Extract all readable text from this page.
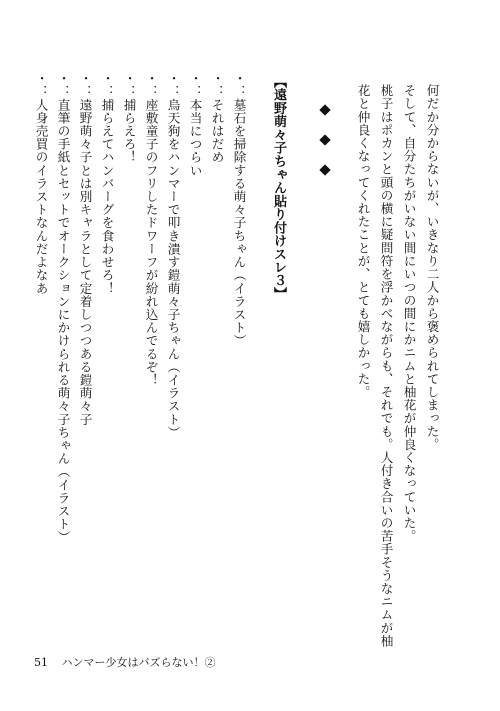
何だか分からないが、いきなり二人から褒められてしまった。
そして、自分たちがいない間にいつの間にかニムと柚花が仲良くなっていた。
桃子はポカンと頭の横に疑問符を浮かべながらも、それでも。人付き合いの苦手そうなニムが柚
花と仲良くなってくれたことが、とても嬉しかった。
【遠野萌々子ちゃん貼り付けスレ３】
・：墓石を掃除する萌々子ちゃん（イラスト）
・：それはだめ
・：本当につらい
・：烏天狗をハンマーで叩き潰す鎧萌々子ちゃん（イラスト）
・：座敷童子のフリしたドワーフが紛れ込んでるぞ！
・：捕らえろ！
・：捕らえてハンバーグを食わせろ！
・：遠野萌々子とは別キャラとして定着しつつある鎧萌々子
・：直筆の手紙とセットでオークションにかけられる萌々子ちゃん（イラスト）
・：人身売買のイラストなんだよなあ
51 ハンマー少女はバズらない！②
